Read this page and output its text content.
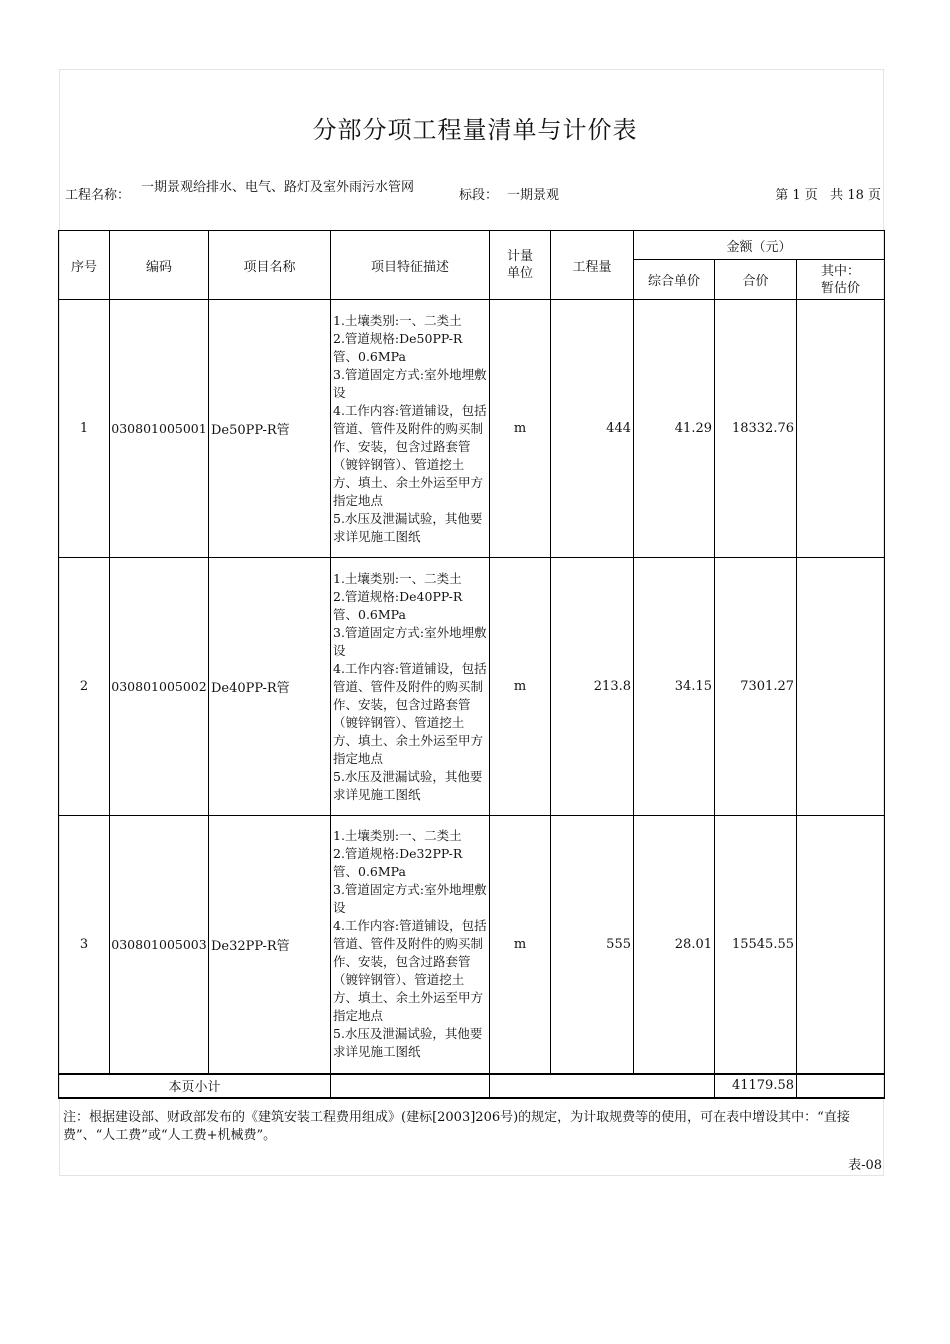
分部分项工程量清单与计价表
工程名称：
一期景观给排水、电气、路灯及室外雨污水管网
标段： 一期景观	第 1 页   共 18 页
序号	编码	项目名称	项目特征描述	计量单位	工程量	金额（元）		
						综合单价	合价	其中：暂估价
1	030801005001	De50PP-R管	1.土壤类别:一、二类土
2.管道规格:De50PP-R管、0.6MPa
3.管道固定方式:室外地埋敷设
4.工作内容:管道铺设，包括管道、管件及附件的购买制作、安装，包含过路套管（镀锌钢管）、管道挖土方、填土、余土外运至甲方指定地点
5.水压及泄漏试验，其他要求详见施工图纸	m	444	41.29	18332.76	
2	030801005002	De40PP-R管	1.土壤类别:一、二类土
2.管道规格:De40PP-R管、0.6MPa
3.管道固定方式:室外地埋敷设
4.工作内容:管道铺设，包括管道、管件及附件的购买制作、安装，包含过路套管（镀锌钢管）、管道挖土方、填土、余土外运至甲方指定地点
5.水压及泄漏试验，其他要求详见施工图纸	m	213.8	34.15	7301.27	
3	030801005003	De32PP-R管	1.土壤类别:一、二类土
2.管道规格:De32PP-R管、0.6MPa
3.管道固定方式:室外地埋敷设
4.工作内容:管道铺设，包括管道、管件及附件的购买制作、安装，包含过路套管（镀锌钢管）、管道挖土方、填土、余土外运至甲方指定地点
5.水压及泄漏试验，其他要求详见施工图纸	m	555	28.01	15545.55	
本页小计							41179.58	
注：根据建设部、财政部发布的《建筑安装工程费用组成》(建标[2003]206号)的规定，为计取规费等的使用，可在表中增设其中：“直接费”、“人工费”或“人工费+机械费”。
表-08
